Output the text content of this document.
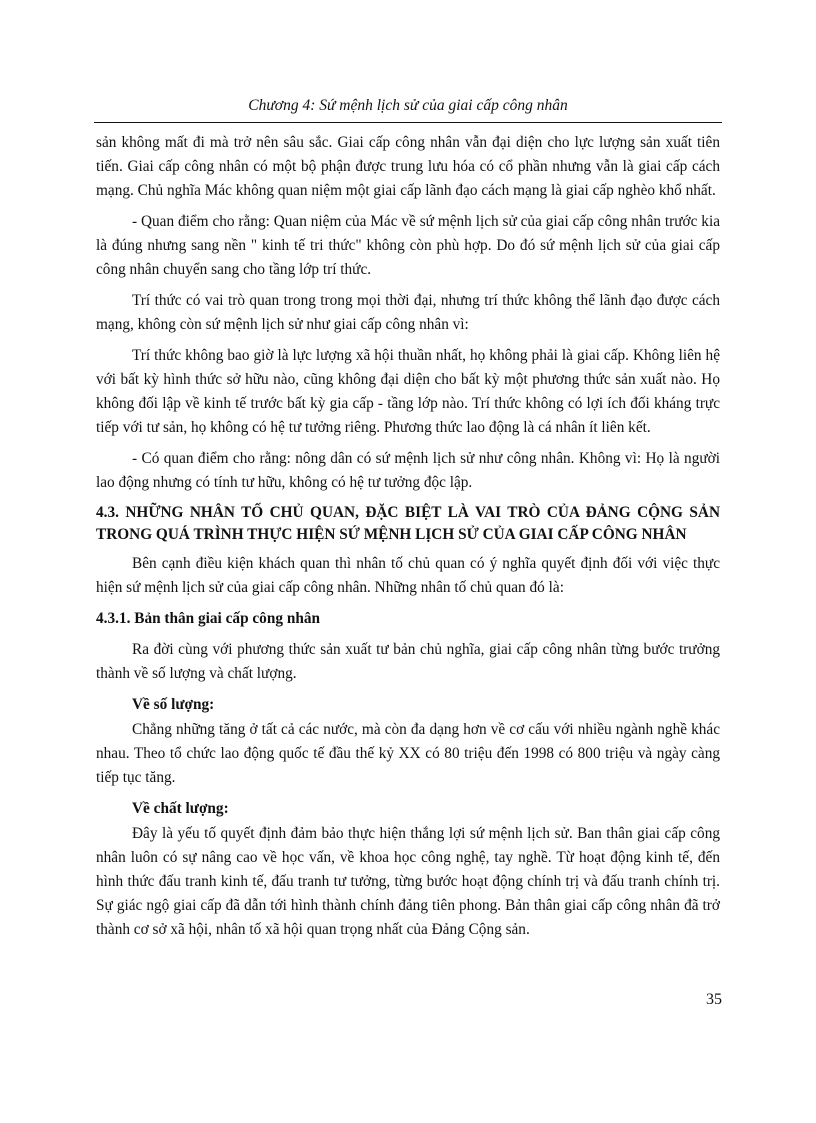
Chương 4: Sứ mệnh lịch sử của giai cấp công nhân

sản không mất đi mà trở nên sâu sắc. Giai cấp công nhân vẫn đại diện cho lực lượng sản xuất tiên tiến. Giai cấp công nhân có một bộ phận được trung lưu hóa có cổ phần nhưng vẫn là giai cấp cách mạng. Chủ nghĩa Mác không quan niệm một giai cấp lãnh đạo cách mạng là giai cấp nghèo khổ nhất.

- Quan điểm cho rằng: Quan niệm của Mác về sứ mệnh lịch sử của giai cấp công nhân trước kia là đúng nhưng sang nền " kinh tế tri thức" không còn phù hợp. Do đó sứ mệnh lịch sử của giai cấp công nhân chuyển sang cho tầng lớp trí thức.

Trí thức có vai trò quan trong trong mọi thời đại, nhưng trí thức không thể lãnh đạo được cách mạng, không còn sứ mệnh lịch sử như giai cấp công nhân vì:

Trí thức không bao giờ là lực lượng xã hội thuần nhất, họ không phải là giai cấp. Không liên hệ với bất kỳ hình thức sở hữu nào, cũng không đại diện cho bất kỳ một phương thức sản xuất nào. Họ không đối lập về kinh tế trước bất kỳ gia cấp - tầng lớp nào. Trí thức không có lợi ích đối kháng trực tiếp với tư sản, họ không có hệ tư tưởng riêng. Phương thức lao động là cá nhân ít liên kết.

- Có quan điểm cho rằng: nông dân có sứ mệnh lịch sử như công nhân. Không vì: Họ là người lao động nhưng có tính tư hữu, không có hệ tư tưởng độc lập.

4.3. NHỮNG NHÂN TỐ CHỦ QUAN, ĐẶC BIỆT LÀ VAI TRÒ CỦA ĐẢNG CỘNG SẢN TRONG QUÁ TRÌNH THỰC HIỆN SỨ MỆNH LỊCH SỬ CỦA GIAI CẤP CÔNG NHÂN

Bên cạnh điều kiện khách quan thì nhân tố chủ quan có ý nghĩa quyết định đối với việc thực hiện sứ mệnh lịch sử của giai cấp công nhân. Những nhân tố chủ quan đó là:

4.3.1. Bản thân giai cấp công nhân

Ra đời cùng với phương thức sản xuất tư bản chủ nghĩa, giai cấp công nhân từng bước trưởng thành về số lượng và chất lượng.

Về số lượng:

Chẳng những tăng ở tất cả các nước, mà còn đa dạng hơn về cơ cấu với nhiều ngành nghề khác nhau. Theo tổ chức lao động quốc tế đầu thế kỷ XX có 80 triệu đến 1998 có 800 triệu và ngày càng tiếp tục tăng.

Về chất lượng:

Đây là yếu tố quyết định đảm bảo thực hiện thắng lợi sứ mệnh lịch sử. Ban thân giai cấp công nhân luôn có sự nâng cao về học vấn, về khoa học công nghệ, tay nghề. Từ hoạt động kinh tế, đến hình thức đấu tranh kinh tế, đấu tranh tư tưởng, từng bước hoạt động chính trị và đấu tranh chính trị. Sự giác ngộ giai cấp đã dẫn tới hình thành chính đảng tiên phong. Bản thân giai cấp công nhân đã trở thành cơ sở xã hội, nhân tố xã hội quan trọng nhất của Đảng Cộng sản.

35
